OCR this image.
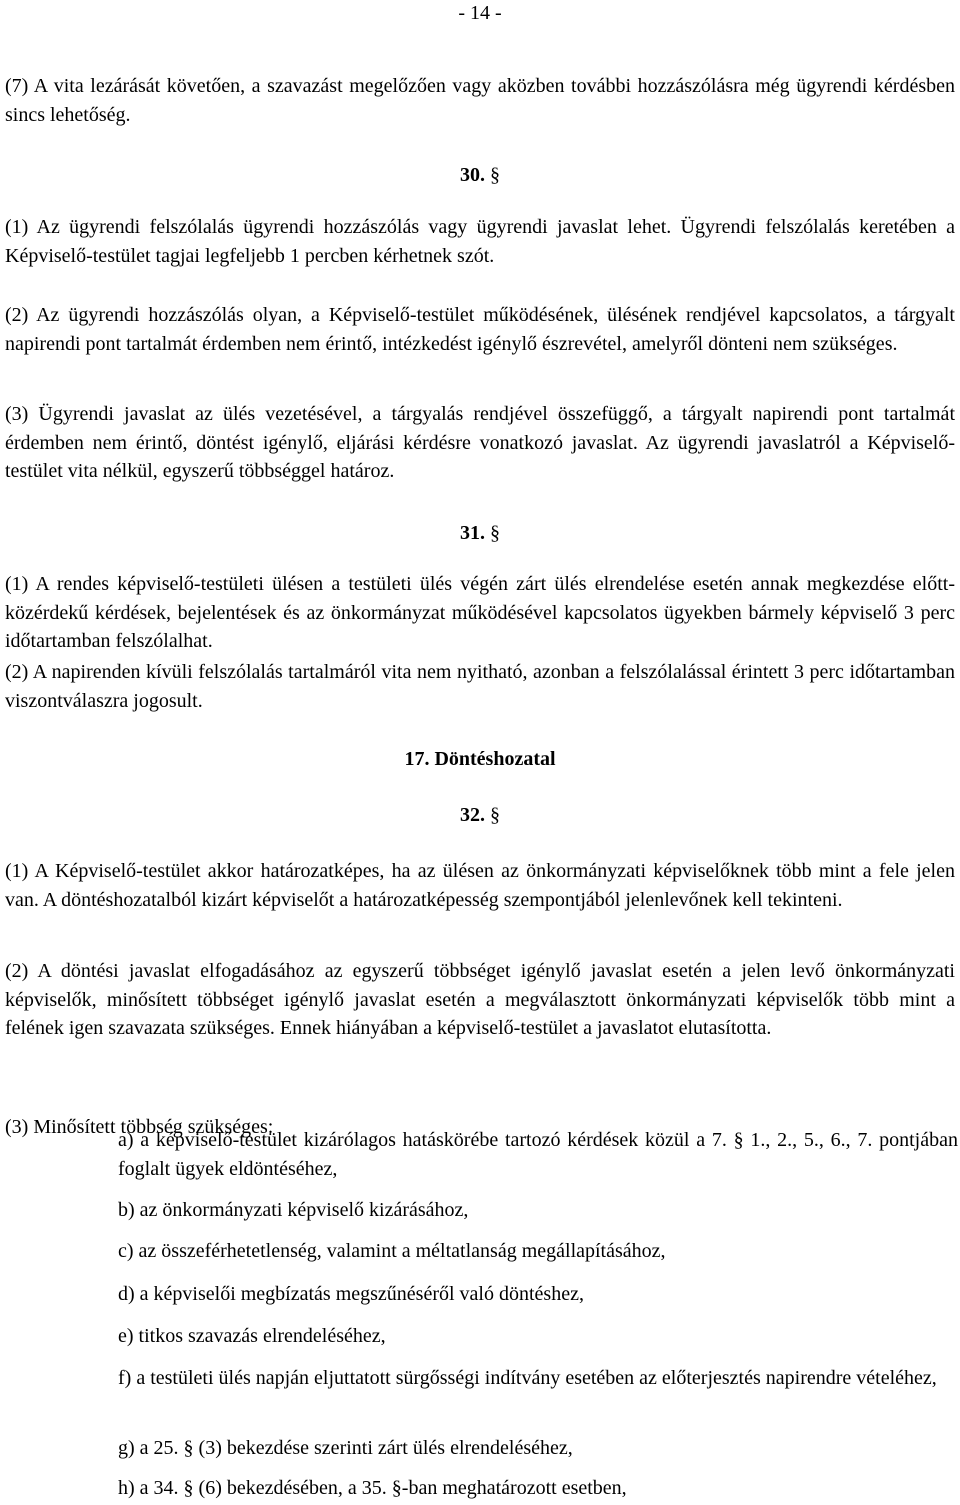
- 14 -

(7) A vita lezárását követően, a szavazást megelőzően vagy aközben további hozzászólásra még ügyrendi kérdésben sincs lehetőség.

30. §

(1) Az ügyrendi felszólalás ügyrendi hozzászólás vagy ügyrendi javaslat lehet. Ügyrendi felszólalás keretében a Képviselő-testület tagjai legfeljebb 1 percben kérhetnek szót.

(2) Az ügyrendi hozzászólás olyan, a Képviselő-testület működésének, ülésének rendjével kapcsolatos, a tárgyalt napirendi pont tartalmát érdemben nem érintő, intézkedést igénylő észrevétel, amelyről dönteni nem szükséges.

(3) Ügyrendi javaslat az ülés vezetésével, a tárgyalás rendjével összefüggő, a tárgyalt napirendi pont tartalmát érdemben nem érintő, döntést igénylő, eljárási kérdésre vonatkozó javaslat. Az ügyrendi javaslatról a Képviselő-testület vita nélkül, egyszerű többséggel határoz.

31. §

(1) A rendes képviselő-testületi ülésen a testületi ülés végén zárt ülés elrendelése esetén annak megkezdése előtt- közérdekű kérdések, bejelentések és az önkormányzat működésével kapcsolatos ügyekben bármely képviselő 3 perc időtartamban felszólalhat.

(2) A napirenden kívüli felszólalás tartalmáról vita nem nyitható, azonban a felszólalással érintett 3 perc időtartamban viszontválaszra jogosult.

17. Döntéshozatal

32. §

(1) A Képviselő-testület akkor határozatképes, ha az ülésen az önkormányzati képviselőknek több mint a fele jelen van. A döntéshozatalból kizárt képviselőt a határozatképesség szempontjából jelenlevőnek kell tekinteni.

(2) A döntési javaslat elfogadásához az egyszerű többséget igénylő javaslat esetén a jelen levő önkormányzati képviselők, minősített többséget igénylő javaslat esetén a megválasztott önkormányzati képviselők több mint a felének igen szavazata szükséges. Ennek hiányában a képviselő-testület a javaslatot elutasította.

(3) Minősített többség szükséges:

a) a képviselő-testület kizárólagos hatáskörébe tartozó kérdések közül a 7. § 1., 2., 5., 6., 7. pontjában foglalt ügyek eldöntéséhez,

b) az önkormányzati képviselő kizárásához,

c) az összeférhetetlenség, valamint a méltatlanság megállapításához,

d) a képviselői megbízatás megszűnéséről való döntéshez,

e) titkos szavazás elrendeléséhez,

f) a testületi ülés napján eljuttatott sürgősségi indítvány esetében az előterjesztés napirendre vételéhez,

g) a 25. § (3) bekezdése szerinti zárt ülés elrendeléséhez,

h) a 34. § (6) bekezdésében, a 35. §-ban meghatározott esetben,
